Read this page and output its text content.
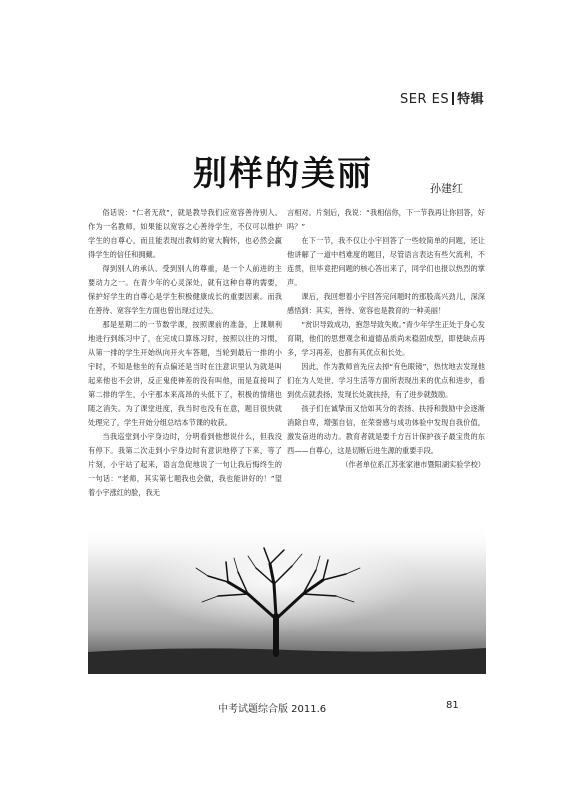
SER ES 特辑
别样的美丽	孙建红

俗话说：“仁者无敌”，就是教导我们应宽容善待别人。作为一名教师，如果能以宽容之心善待学生，不仅可以维护学生的自尊心，而且能表现出教师的宽大胸怀，也必然会赢得学生的信任和拥戴。

得到别人的承认、受到别人的尊重，是一个人前进的主要动力之一。在青少年的心灵深处，就有这种自尊的需要，保护好学生的自尊心是学生积极健康成长的重要因素。而我在善待、宽容学生方面也曾出现过过失。

那是星期二的一节数学课，按照课前的准备，上课顺利地进行到练习中了，在完成口算练习时，按照以往的习惯，从第一排的学生开始纵向开火车答题，当轮到最后一排的小宇时，不知是他坐的有点偏还是当时在注意识里认为就是叫起来他也不会讲，反正鬼使神差的没有叫他，而是直接叫了第二排的学生，小宇那本来高昂的头低下了，积极的情绪也随之消失。为了课堂进度，我当时也没有在意，题目很快就处理完了，学生开始分组总结本节课的收获。

当我巡堂到小宇身边时，分明看到他想说什么，但我没有停下。我第二次走到小宇身边时有意识地停了下来，等了片刻，小宇站了起来，语言急促地说了一句让我后悔终生的一句话：“老师，其实第七题我也会做，我也能讲好的！”望着小宇涨红的脸，我无

言相对。片刻后，我说：“我相信你，下一节我再让你回答，好吗？”

在下一节，我不仅让小宇回答了一些较简单的问题，还让他讲解了一道中档难度的题目，尽管语言表达有些欠流利，不连贯，但毕竟把问题的核心答出来了，同学们也报以热烈的掌声。

课后，我回想着小宇回答完问题时的那股高兴劲儿，深深感悟到：其实，善待、宽容也是教育的一种美丽！

“赏识导致成功，抱怨导致失败。”青少年学生正处于身心发育期，他们的思想观念和道德品质尚未稳固成型，即使缺点再多，学习再差，也都有其优点和长处。

因此，作为教师首先应去掉“有色眼镜”，热忱地去发现他们在为人处世、学习生活等方面所表现出来的优点和进步，看到优点就表扬，发现长处就扶持，有了进步就鼓励。

孩子们在诚挚而又恰如其分的表扬、扶持和鼓励中会逐渐消除自卑，增强自信，在荣誉感与成功体验中发现自我价值，激发奋进的动力。教育者就是要千方百计保护孩子最宝贵的东西——自尊心，这是切断后进生源的重要手段。

（作者单位系江苏张家港市暨阳湖实验学校）

中考试题综合版 2011.6	81
